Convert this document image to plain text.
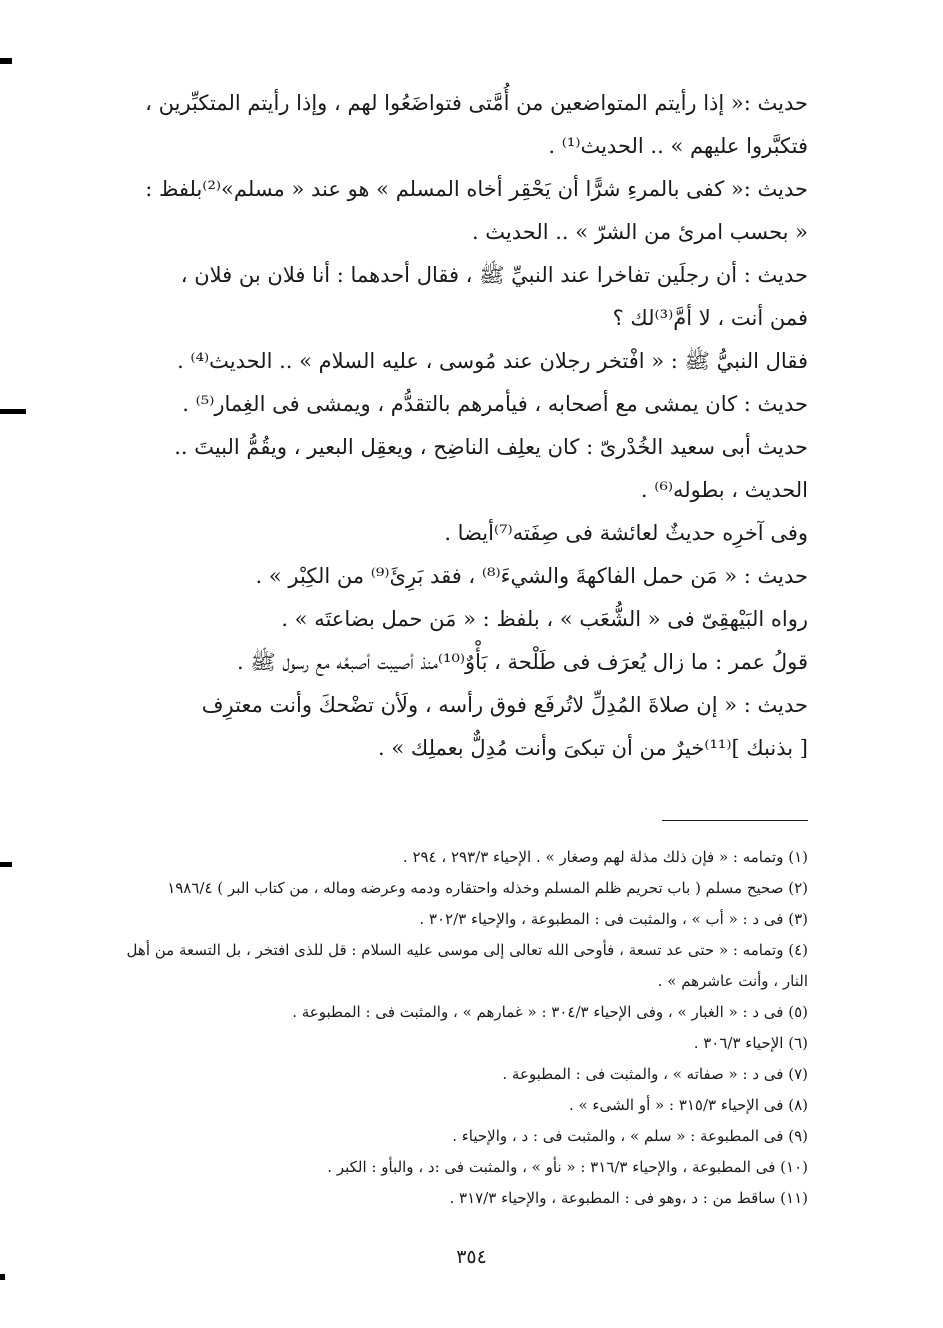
حديث :« إذا رأيتم المتواضعين من أُمَّتى فتواضَعُوا لهم ، وإذا رأيتم المتكبِّرين ،

فتكبَّروا عليهم » .. الحديث⁽¹⁾ .

حديث :« كفى بالمرءِ شرًّا أن يَحْقِر أخاه المسلم » هو عند « مسلم»⁽²⁾بلفظ :

« بحسب امرئ من الشرّ » .. الحديث .

حديث : أن رجلَين تفاخرا عند النبيِّ ﷺ ، فقال أحدهما : أنا فلان بن فلان ،

فمن أنت ، لا أمَّ⁽³⁾لك ؟

فقال النبيُّ ﷺ : « افْتخر رجلان عند مُوسى ، عليه السلام » .. الحديث⁽⁴⁾ .

حديث : كان يمشى مع أصحابه ، فيأمرهم بالتقدُّم ، ويمشى فى الغِمار⁽⁵⁾ .

حديث أبى سعيد الخُدْرىّ : كان يعلِف الناضِح ، ويعقِل البعير ، ويقُمُّ البيتَ ..

الحديث ، بطوله⁽⁶⁾ .

وفى آخرِه حديثٌ لعائشة فى صِفَته⁽⁷⁾أيضا .

حديث : « مَن حمل الفاكهةَ والشيءَ⁽⁸⁾ ، فقد بَرِئَ⁽⁹⁾ من الكِبْر » .

رواه البَيْهقِىّ فى « الشُّعَب » ، بلفظ : « مَن حمل بضاعتَه » .

قولُ عمر : ما زال يُعرَف فى طَلْحة ، بَأْوٌ⁽¹⁰⁾منذ أصيبت أصبعُه مع رسول ﷺ .

حديث : « إن صلاةَ المُدِلِّ لاتُرفَع فوق رأسه ، ولَأن تضْحكَ وأنت معترِف

[ بذنبك ]⁽¹¹⁾خيرٌ من أن تبكىَ وأنت مُدِلٌّ بعملِك » .

(١) وتمامه : « فإن ذلك مذلة لهم وصغار » . الإحياء ٢٩٣/٣ ، ٢٩٤ .

(٢) صحيح مسلم ( باب تحريم ظلم المسلم وخذله واحتقاره ودمه وعرضه وماله ، من كتاب البر ) ١٩٨٦/٤

(٣) فى د : « أب » ، والمثبت فى : المطبوعة ، والإحياء ٣٠٢/٣ .

(٤) وتمامه : « حتى عد تسعة ، فأوحى الله تعالى إلى موسى عليه السلام : قل للذى افتخر ، بل التسعة من أهل

النار ، وأنت عاشرهم » .

(٥) فى د : « الغبار » ، وفى الإحياء ٣٠٤/٣ : « غمارهم » ، والمثبت فى : المطبوعة .

(٦) الإحياء ٣٠٦/٣ .

(٧) فى د : « صفاته » ، والمثبت فى : المطبوعة .

(٨) فى الإحياء ٣١٥/٣ : « أو الشىء » .

(٩) فى المطبوعة : « سلم » ، والمثبت فى : د ، والإحياء .

(١٠) فى المطبوعة ، والإحياء ٣١٦/٣ : « نأو » ، والمثبت فى :د ، والبأو : الكبر .

(١١) ساقط من : د ،وهو فى : المطبوعة ، والإحياء ٣١٧/٣ .

٣٥٤
